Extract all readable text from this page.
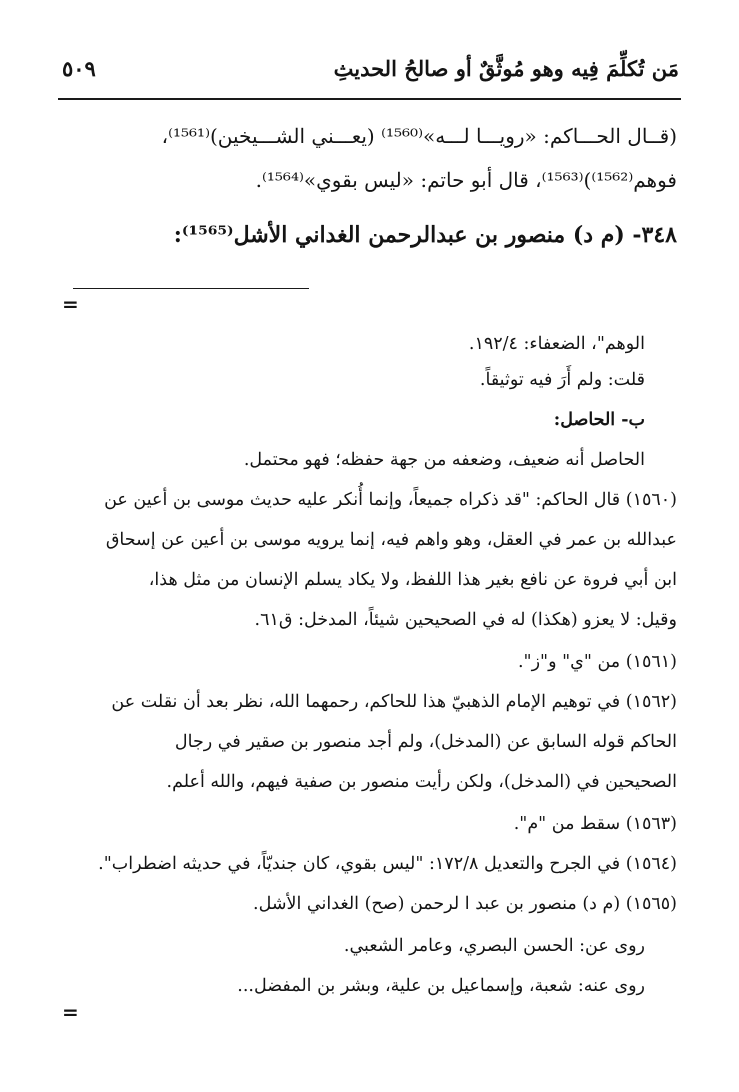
مَن تُكلِّمَ فِيه وهو مُوثَّقٌ أو صالحُ الحديثِ
٥٠٩
(قــال الحـــاكم: «رويـــا لـــه»⁽¹⁵⁶⁰⁾ (يعـــني الشـــيخين)⁽¹⁵⁶¹⁾،
فوهم⁽¹⁵⁶²⁾)⁽¹⁵⁶³⁾، قال أبو حاتم: «ليس بقوي»⁽¹⁵⁶⁴⁾.
٣٤٨- (م د) منصور بن عبدالرحمن الغداني الأشل⁽¹⁵⁶⁵⁾:
=
الوهم"، الضعفاء: ١٩٢/٤.
قلت: ولم أَرَ فيه توثيقاً.
ب- الحاصل:
الحاصل أنه ضعيف، وضعفه من جهة حفظه؛ فهو محتمل.
(١٥٦٠) قال الحاكم: "قد ذكراه جميعاً، وإنما أُنكر عليه حديث موسى بن أعين عن
عبدالله بن عمر في العقل، وهو واهم فيه، إنما يرويه موسى بن أعين عن إسحاق
ابن أبي فروة عن نافع بغير هذا اللفظ، ولا يكاد يسلم الإنسان من مثل هذا،
وقيل: لا يعزو (هكذا) له في الصحيحين شيئاً، المدخل: ق٦١.
(١٥٦١) من "ي" و"ز".
(١٥٦٢) في توهيم الإمام الذهبيّ هذا للحاكم، رحمهما الله، نظر بعد أن نقلت عن
الحاكم قوله السابق عن (المدخل)، ولم أجد منصور بن صقير في رجال
الصحيحين في (المدخل)، ولكن رأيت منصور بن صفية فيهم، والله أعلم.
(١٥٦٣) سقط من "م".
(١٥٦٤) في الجرح والتعديل ١٧٢/٨: "ليس بقوي، كان جنديّاً، في حديثه اضطراب".
(١٥٦٥) (م د) منصور بن عبد ا لرحمن (صح) الغداني الأشل.
روى عن: الحسن البصري، وعامر الشعبي.
روى عنه: شعبة، وإسماعيل بن علية، وبشر بن المفضل...
=
